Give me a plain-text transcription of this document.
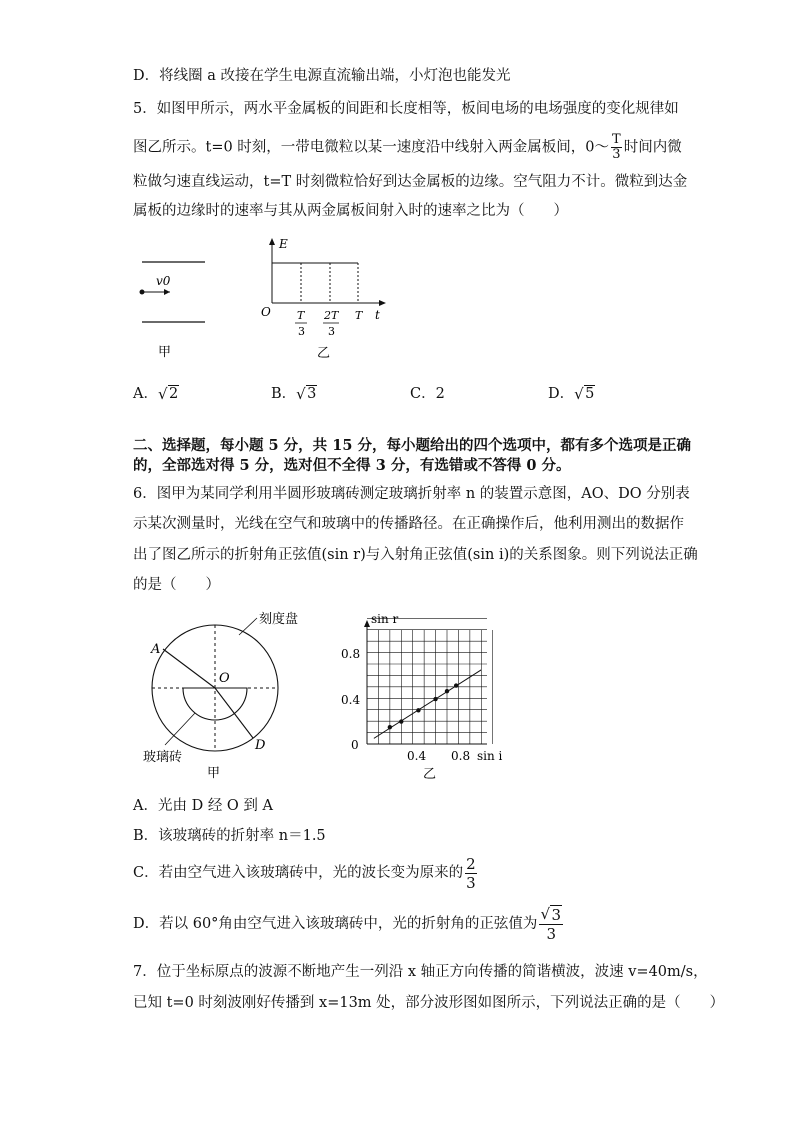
D．将线圈 a 改接在学生电源直流输出端，小灯泡也能发光
5．如图甲所示，两水平金属板的间距和长度相等，板间电场的电场强度的变化规律如
图乙所示。t=0 时刻，一带电微粒以某一速度沿中线射入两金属板间，0～ $\frac{T}{3}$ 时间内微
粒做匀速直线运动，t=T 时刻微粒恰好到达金属板的边缘。空气阻力不计。微粒到达金
属板的边缘时的速率与其从两金属板间射入时的速率之比为（　　）
v0
甲
E
O	t
T
3
2T
3
T
乙
A． √ 2	B． √ 3	C．2	D． √ 5
二、选择题，每小题 5 分，共 15 分，每小题给出的四个选项中，都有多个选项是正确
的，全部选对得 5 分，选对但不全得 3 分，有选错或不答得 0 分。
6．图甲为某同学利用半圆形玻璃砖测定玻璃折射率 n 的装置示意图，AO、DO 分别表
示某次测量时，光线在空气和玻璃中的传播路径。在正确操作后，他利用测出的数据作
出了图乙所示的折射角正弦值(sin r)与入射角正弦值(sin i)的关系图象。则下列说法正确
的是（　　）
刻度盘
A
O
D
玻璃砖
甲
sin r
0.8
0.4
0
0.4 0.8 sin i
乙
A．光由 D 经 O 到 A
B．该玻璃砖的折射率 n＝1.5
C．若由空气进入该玻璃砖中，光的波长变为原来的 $\frac{2}{3}$
D．若以 60°角由空气进入该玻璃砖中，光的折射角的正弦值为 √ $\frac{3}{3}$
7．位于坐标原点的波源不断地产生一列沿 x 轴正方向传播的简谐横波，波速 v=40m/s，
已知 t=0 时刻波刚好传播到 x=13m 处，部分波形图如图所示，下列说法正确的是（　　）
